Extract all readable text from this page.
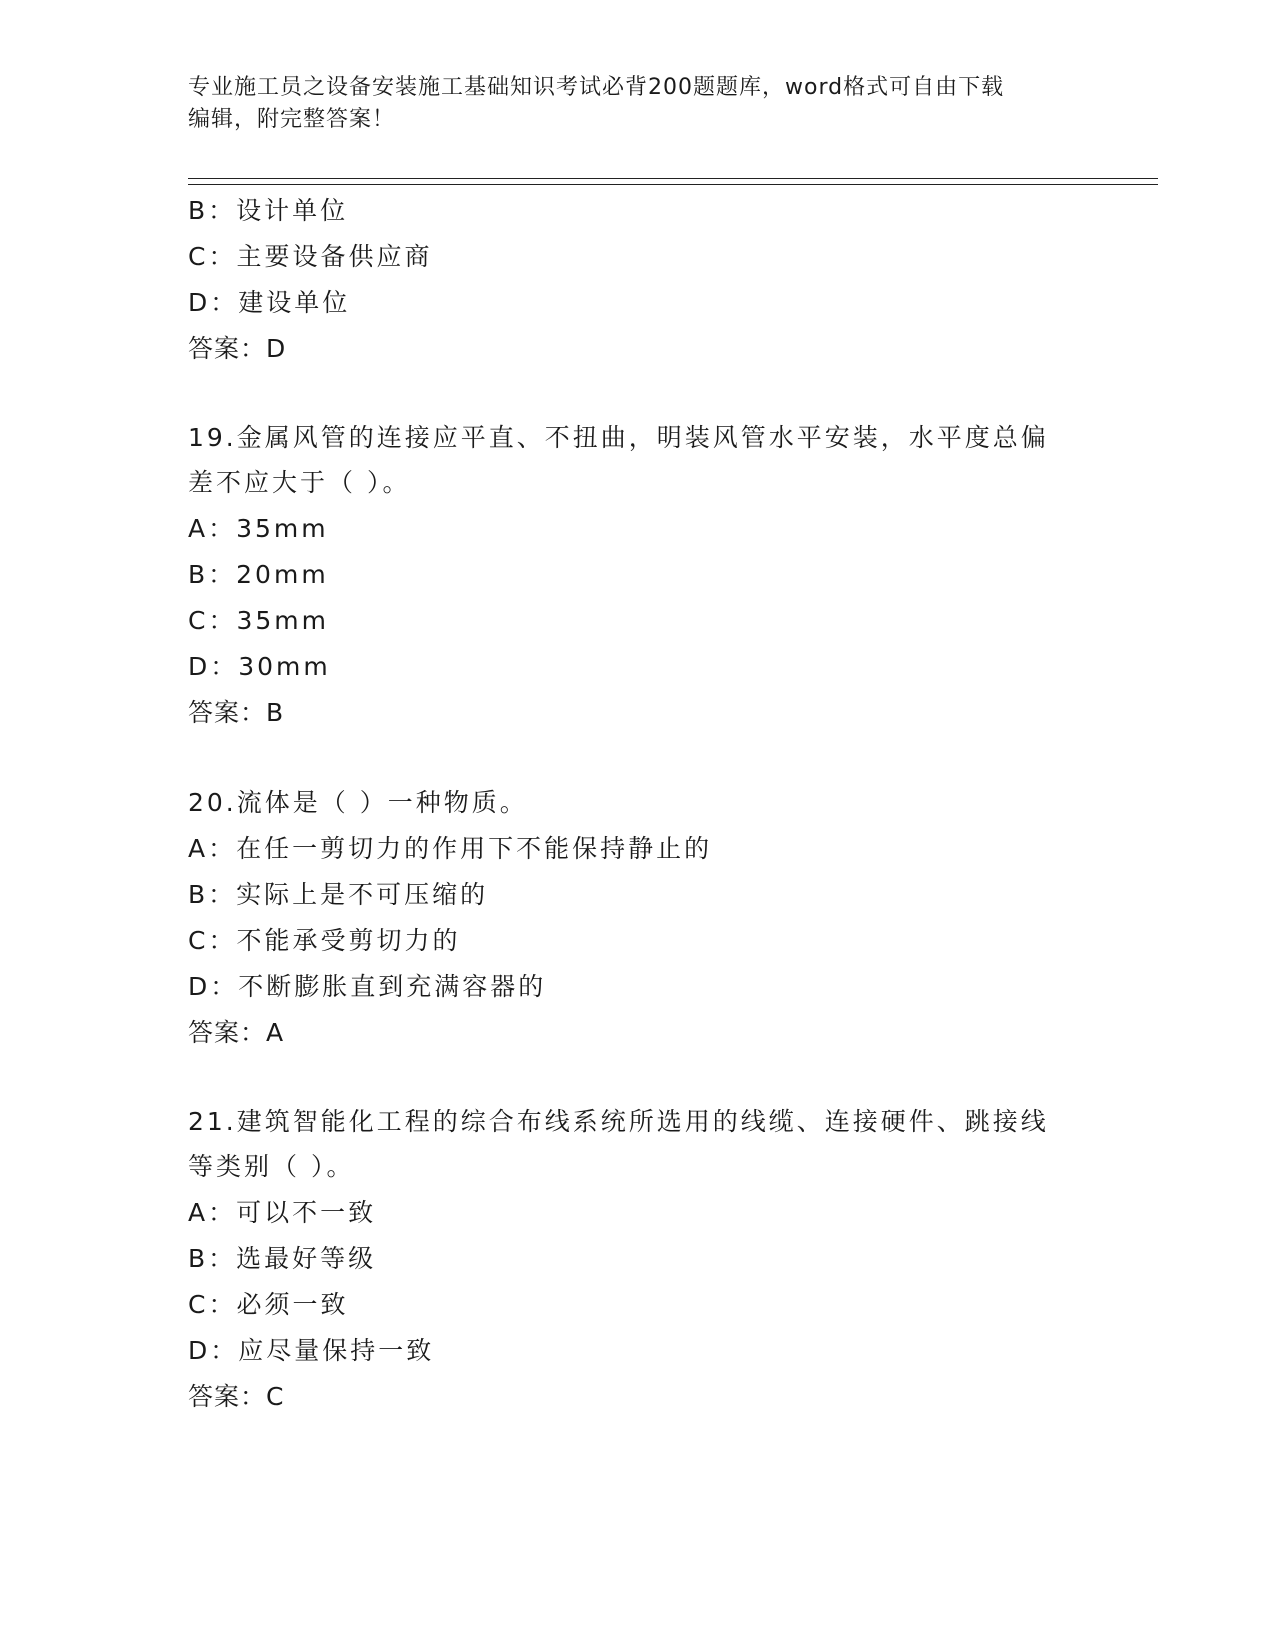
专业施工员之设备安装施工基础知识考试必背200题题库，word格式可自由下载
编辑，附完整答案！
B：设计单位
C：主要设备供应商
D：建设单位
答案：D
19.金属风管的连接应平直、不扭曲，明装风管水平安装，水平度总偏
差不应大于（ ）。
A：35mm
B：20mm
C：35mm
D：30mm
答案：B
20.流体是（ ）一种物质。
A：在任一剪切力的作用下不能保持静止的
B：实际上是不可压缩的
C：不能承受剪切力的
D：不断膨胀直到充满容器的
答案：A
21.建筑智能化工程的综合布线系统所选用的线缆、连接硬件、跳接线
等类别（ ）。
A：可以不一致
B：选最好等级
C：必须一致
D：应尽量保持一致
答案：C
